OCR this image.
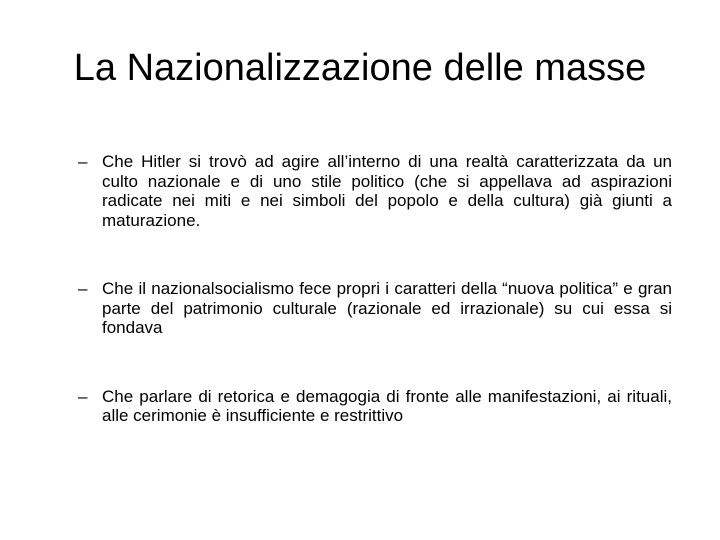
La Nazionalizzazione delle masse
– Che Hitler si trovò ad agire all’interno di una realtà caratterizzata da un culto nazionale e di uno stile politico (che si appellava ad aspirazioni radicate nei miti e nei simboli del popolo e della cultura) già giunti a maturazione.
– Che il nazionalsocialismo fece propri i caratteri della “nuova politica” e gran parte del patrimonio culturale (razionale ed irrazionale) su cui essa si fondava
– Che parlare di retorica e demagogia di fronte alle manifestazioni, ai rituali, alle cerimonie è insufficiente e restrittivo
